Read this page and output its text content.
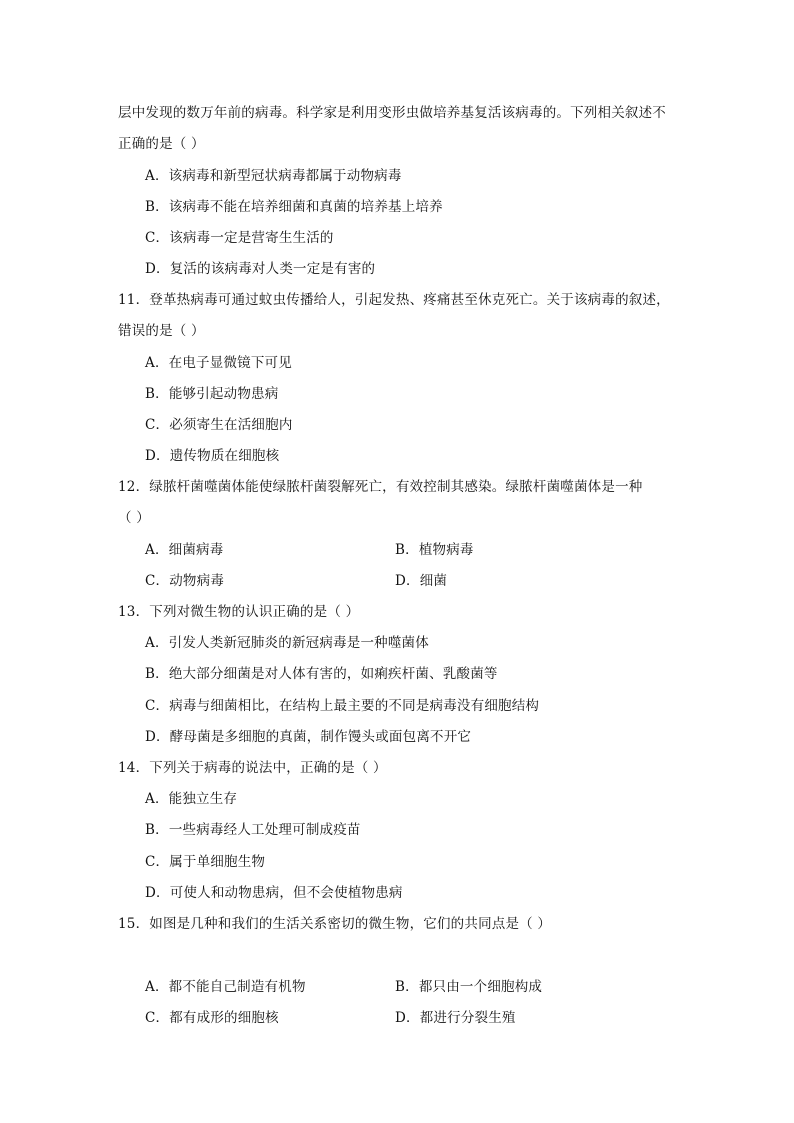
层中发现的数万年前的病毒。科学家是利用变形虫做培养基复活该病毒的。下列相关叙述不
正确的是（ ）
A．该病毒和新型冠状病毒都属于动物病毒
B．该病毒不能在培养细菌和真菌的培养基上培养
C．该病毒一定是营寄生生活的
D．复活的该病毒对人类一定是有害的
11．登革热病毒可通过蚊虫传播给人，引起发热、疼痛甚至休克死亡。关于该病毒的叙述，
错误的是（ ）
A．在电子显微镜下可见
B．能够引起动物患病
C．必须寄生在活细胞内
D．遗传物质在细胞核
12．绿脓杆菌噬菌体能使绿脓杆菌裂解死亡，有效控制其感染。绿脓杆菌噬菌体是一种
（ ）
A．细菌病毒	B．植物病毒
C．动物病毒	D．细菌
13．下列对微生物的认识正确的是（ ）
A．引发人类新冠肺炎的新冠病毒是一种噬菌体
B．绝大部分细菌是对人体有害的，如痢疾杆菌、乳酸菌等
C．病毒与细菌相比，在结构上最主要的不同是病毒没有细胞结构
D．酵母菌是多细胞的真菌，制作馒头或面包离不开它
14．下列关于病毒的说法中，正确的是（ ）
A．能独立生存
B．一些病毒经人工处理可制成疫苗
C．属于单细胞生物
D．可使人和动物患病，但不会使植物患病
15．如图是几种和我们的生活关系密切的微生物，它们的共同点是（ ）
A．都不能自己制造有机物	B．都只由一个细胞构成
C．都有成形的细胞核	D．都进行分裂生殖
